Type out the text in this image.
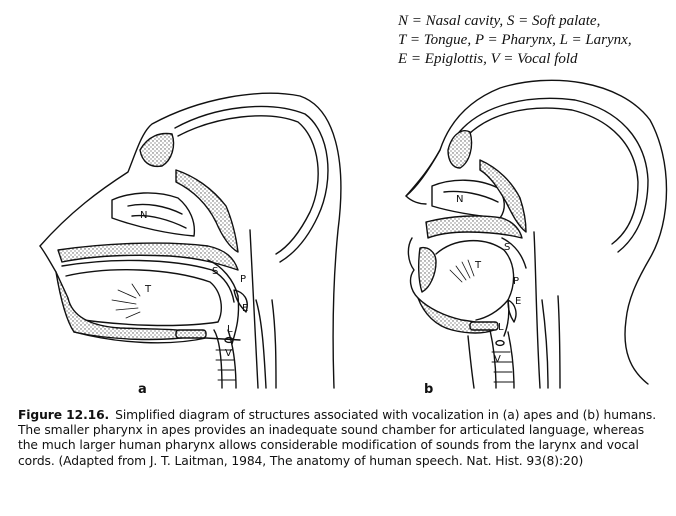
N = Nasal cavity, S = Soft palate,
T = Tongue, P = Pharynx, L = Larynx,
E = Epiglottis, V = Vocal fold
N
S
T
P
E
L
V
a
N
S
T
P
E
L
V
b
Figure 12.16. Simplified diagram of structures associated with vocalization in (a) apes and (b) humans. The smaller pharynx in apes provides an inadequate sound chamber for articulated language, whereas the much larger human pharynx allows considerable modification of sounds from the larynx and vocal cords. (Adapted from J. T. Laitman, 1984, The anatomy of human speech. Nat. Hist. 93(8):20)
